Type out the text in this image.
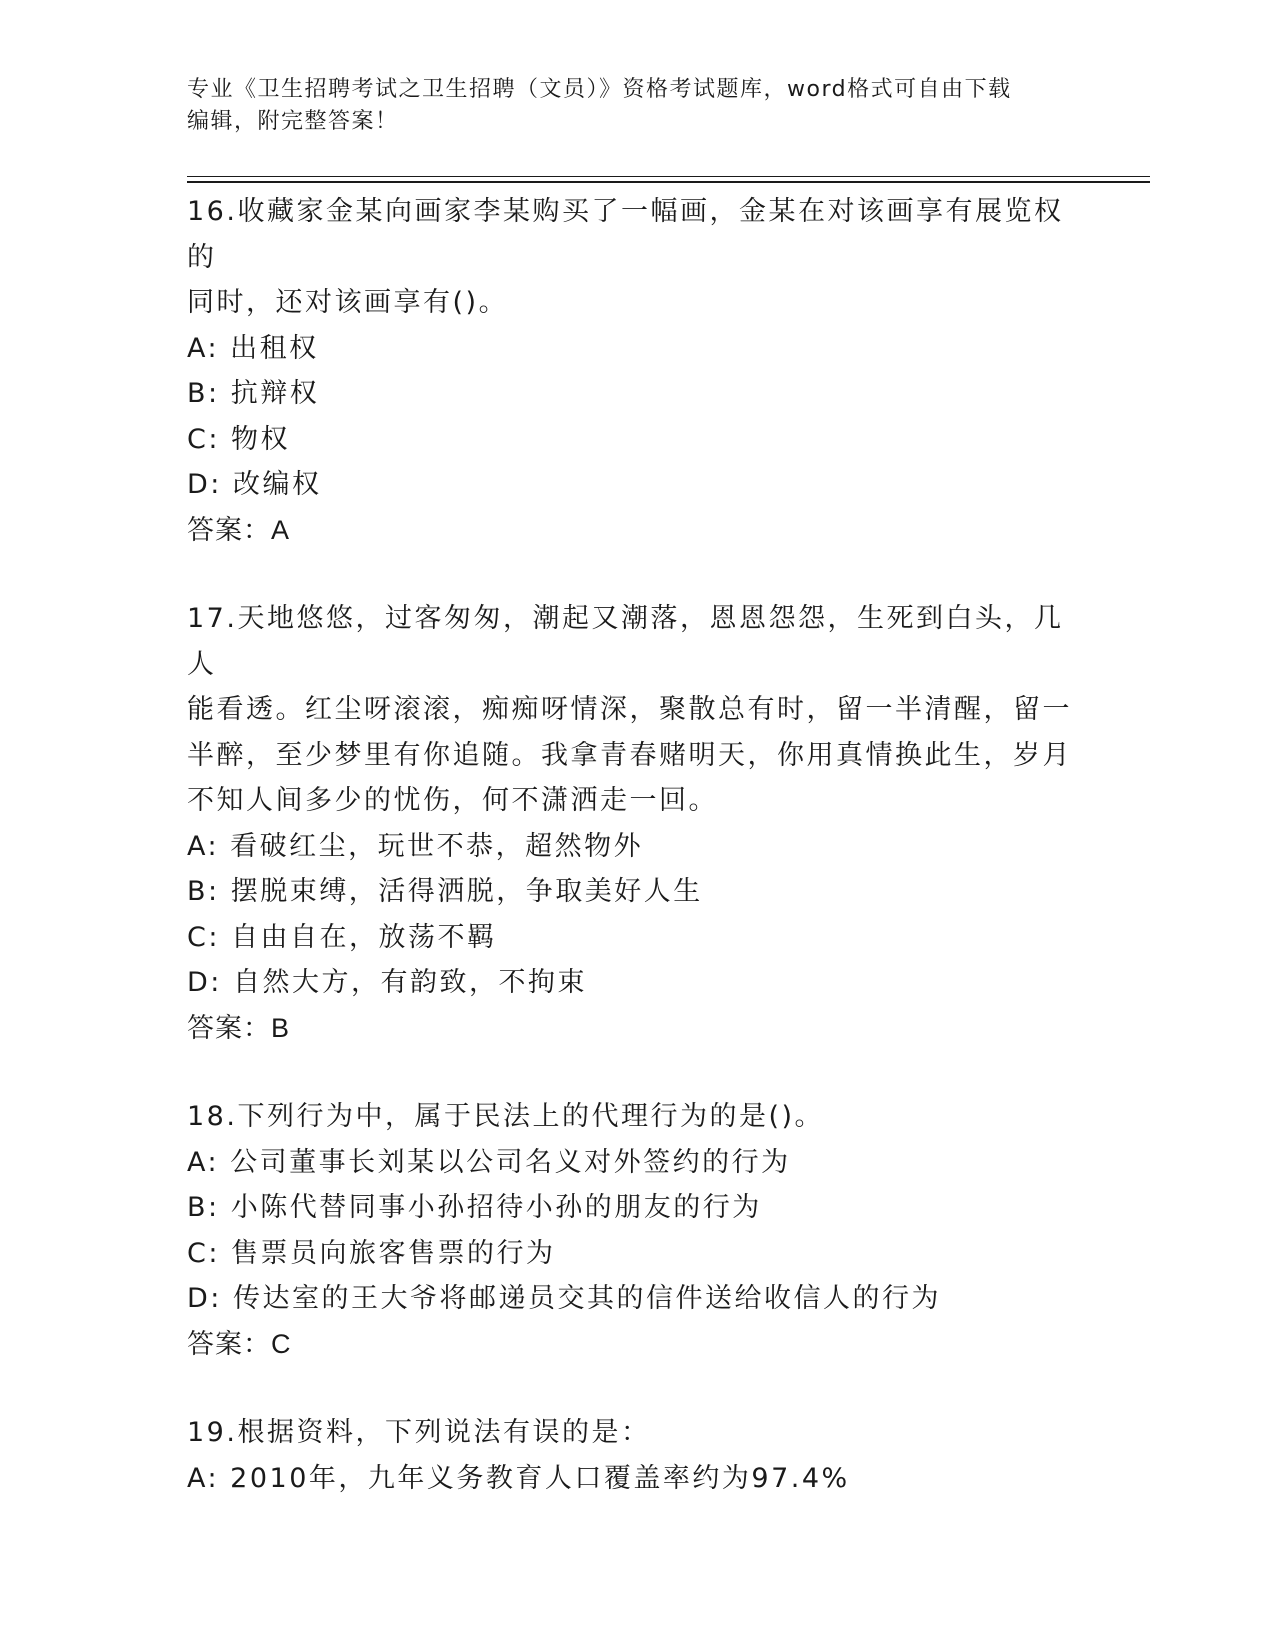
专业《卫生招聘考试之卫生招聘（文员）》资格考试题库，word格式可自由下载
编辑，附完整答案！

16.收藏家金某向画家李某购买了一幅画，金某在对该画享有展览权的

同时，还对该画享有()。

A: 出租权

B: 抗辩权

C: 物权

D: 改编权

答案：A

17.天地悠悠，过客匆匆，潮起又潮落，恩恩怨怨，生死到白头，几人

能看透。红尘呀滚滚，痴痴呀情深，聚散总有时，留一半清醒，留一

半醉，至少梦里有你追随。我拿青春赌明天，你用真情换此生，岁月

不知人间多少的忧伤，何不潇洒走一回。

A: 看破红尘，玩世不恭，超然物外

B: 摆脱束缚，活得洒脱，争取美好人生

C: 自由自在，放荡不羁

D: 自然大方，有韵致，不拘束

答案：B

18.下列行为中，属于民法上的代理行为的是()。

A: 公司董事长刘某以公司名义对外签约的行为

B: 小陈代替同事小孙招待小孙的朋友的行为

C: 售票员向旅客售票的行为

D: 传达室的王大爷将邮递员交其的信件送给收信人的行为

答案：C

19.根据资料，下列说法有误的是：

A: 2010年，九年义务教育人口覆盖率约为97.4%
